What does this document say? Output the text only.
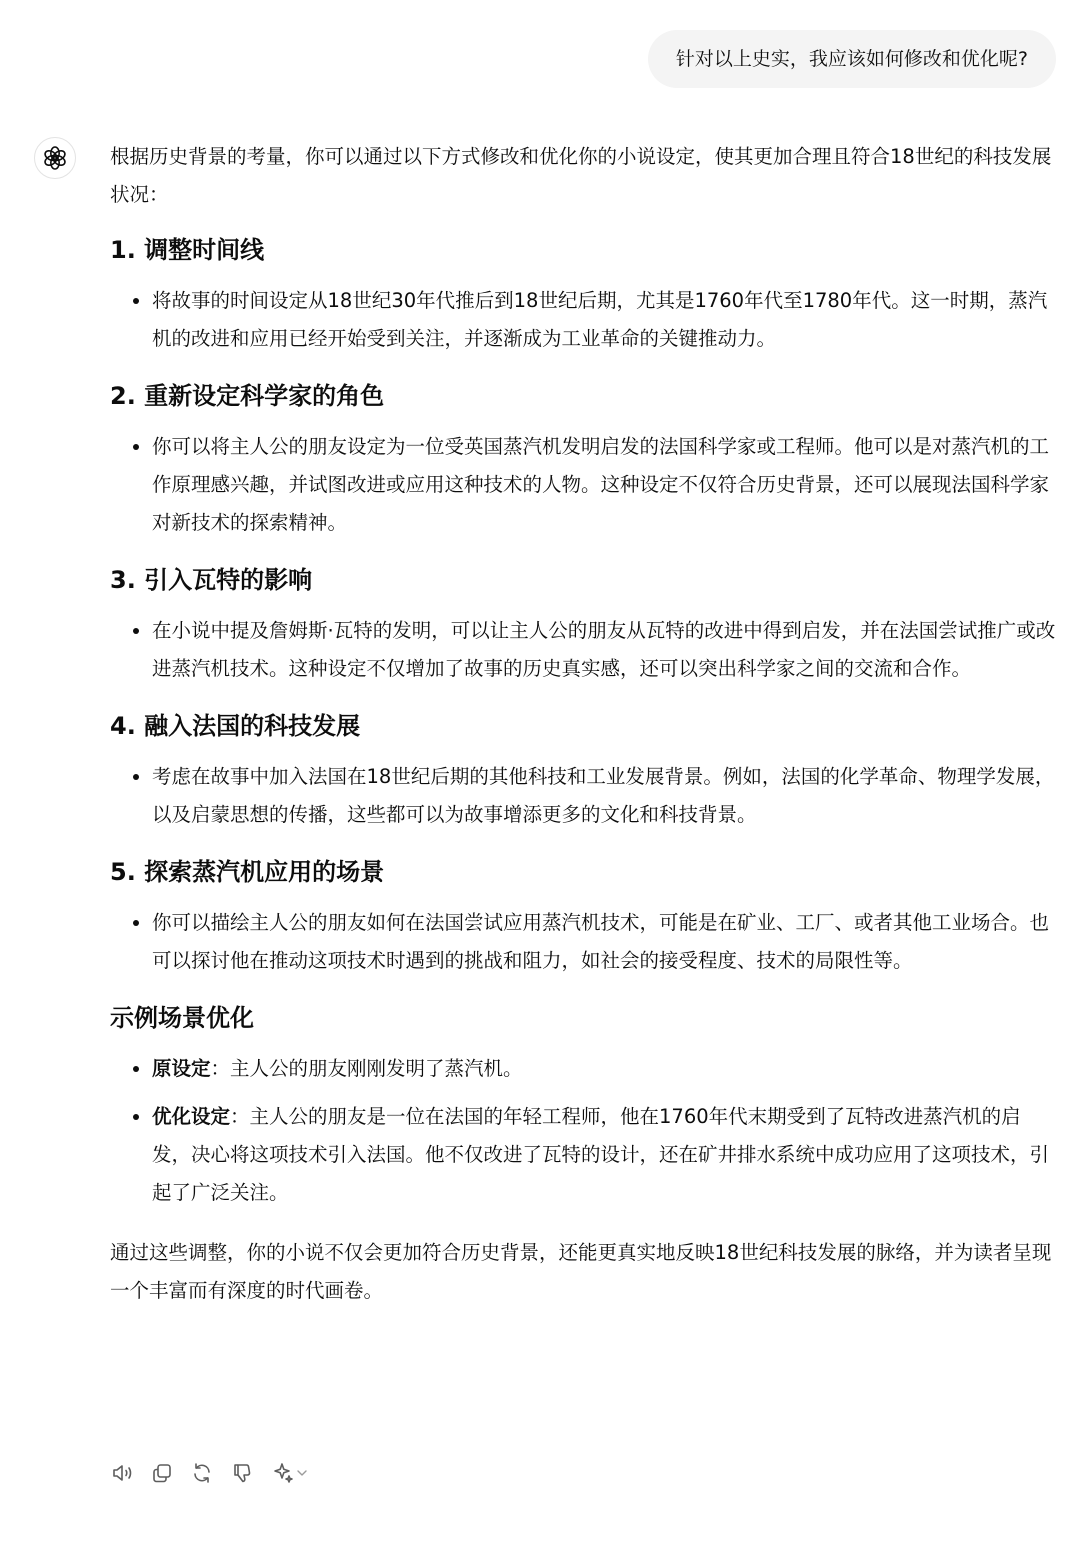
针对以上史实，我应该如何修改和优化呢?

根据历史背景的考量，你可以通过以下方式修改和优化你的小说设定，使其更加合理且符合18世纪的科技发展状况：

1. 调整时间线
• 将故事的时间设定从18世纪30年代推后到18世纪后期，尤其是1760年代至1780年代。这一时期，蒸汽机的改进和应用已经开始受到关注，并逐渐成为工业革命的关键推动力。
2. 重新设定科学家的角色
• 你可以将主人公的朋友设定为一位受英国蒸汽机发明启发的法国科学家或工程师。他可以是对蒸汽机的工作原理感兴趣，并试图改进或应用这种技术的人物。这种设定不仅符合历史背景，还可以展现法国科学家对新技术的探索精神。
3. 引入瓦特的影响
• 在小说中提及詹姆斯·瓦特的发明，可以让主人公的朋友从瓦特的改进中得到启发，并在法国尝试推广或改进蒸汽机技术。这种设定不仅增加了故事的历史真实感，还可以突出科学家之间的交流和合作。
4. 融入法国的科技发展
• 考虑在故事中加入法国在18世纪后期的其他科技和工业发展背景。例如，法国的化学革命、物理学发展，以及启蒙思想的传播，这些都可以为故事增添更多的文化和科技背景。
5. 探索蒸汽机应用的场景
• 你可以描绘主人公的朋友如何在法国尝试应用蒸汽机技术，可能是在矿业、工厂、或者其他工业场合。也可以探讨他在推动这项技术时遇到的挑战和阻力，如社会的接受程度、技术的局限性等。
示例场景优化
• 原设定：主人公的朋友刚刚发明了蒸汽机。
• 优化设定：主人公的朋友是一位在法国的年轻工程师，他在1760年代末期受到了瓦特改进蒸汽机的启发，决心将这项技术引入法国。他不仅改进了瓦特的设计，还在矿井排水系统中成功应用了这项技术，引起了广泛关注。

通过这些调整，你的小说不仅会更加符合历史背景，还能更真实地反映18世纪科技发展的脉络，并为读者呈现一个丰富而有深度的时代画卷。
